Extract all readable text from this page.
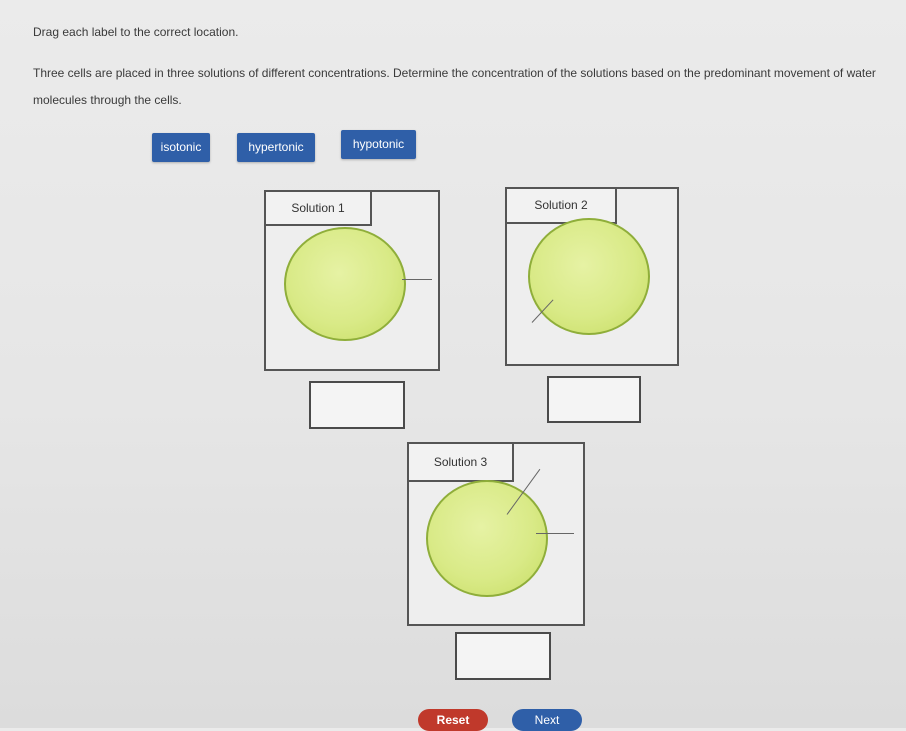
Drag each label to the correct location.
Three cells are placed in three solutions of different concentrations. Determine the concentration of the solutions based on the predominant movement of water molecules through the cells.
isotonic	hypertonic	hypotonic
Solution 1	Solution 2
Solution 3
Reset	Next
